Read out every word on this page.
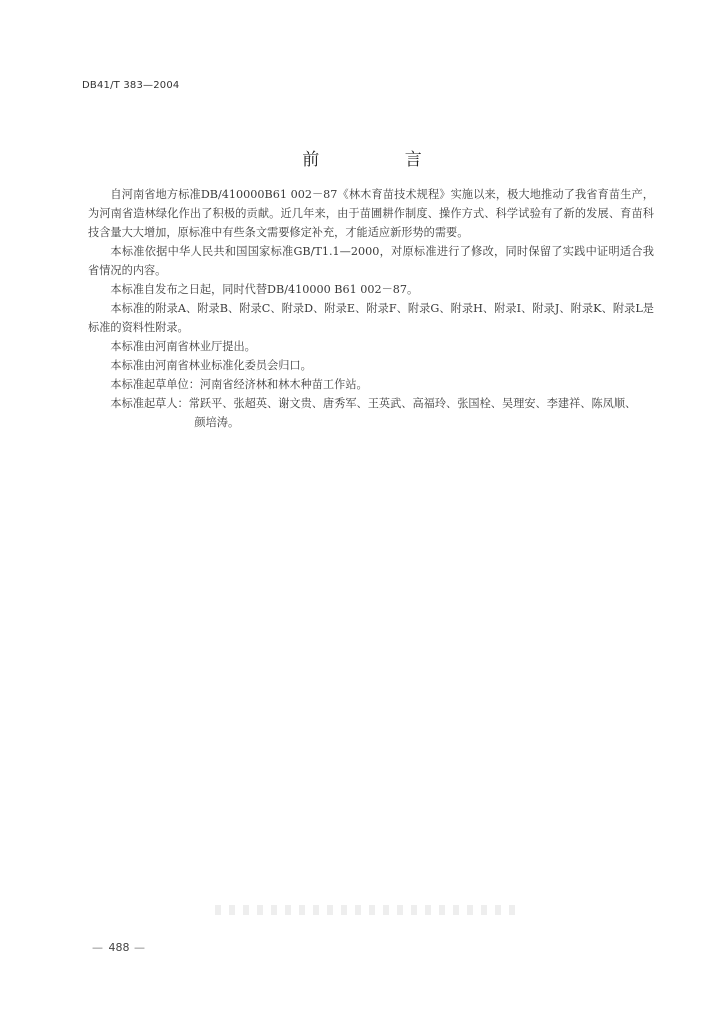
DB41/T 383—2004
前 言

自河南省地方标准DB/410000B61 002－87《林木育苗技术规程》实施以来，极大地推动了我省育苗生产，为河南省造林绿化作出了积极的贡献。近几年来，由于苗圃耕作制度、操作方式、科学试验有了新的发展、育苗科技含量大大增加，原标准中有些条文需要修定补充，才能适应新形势的需要。

本标准依据中华人民共和国国家标准GB/T1.1—2000，对原标准进行了修改，同时保留了实践中证明适合我省情况的内容。

本标准自发布之日起，同时代替DB/410000 B61 002－87。

本标准的附录A、附录B、附录C、附录D、附录E、附录F、附录G、附录H、附录I、附录J、附录K、附录L是标准的资料性附录。

本标准由河南省林业厅提出。

本标准由河南省林业标准化委员会归口。

本标准起草单位：河南省经济林和林木种苗工作站。

本标准起草人：常跃平、张超英、谢文贵、唐秀军、王英武、高福玲、张国栓、吴理安、李建祥、陈凤顺、

颜培涛。

— 488 —
